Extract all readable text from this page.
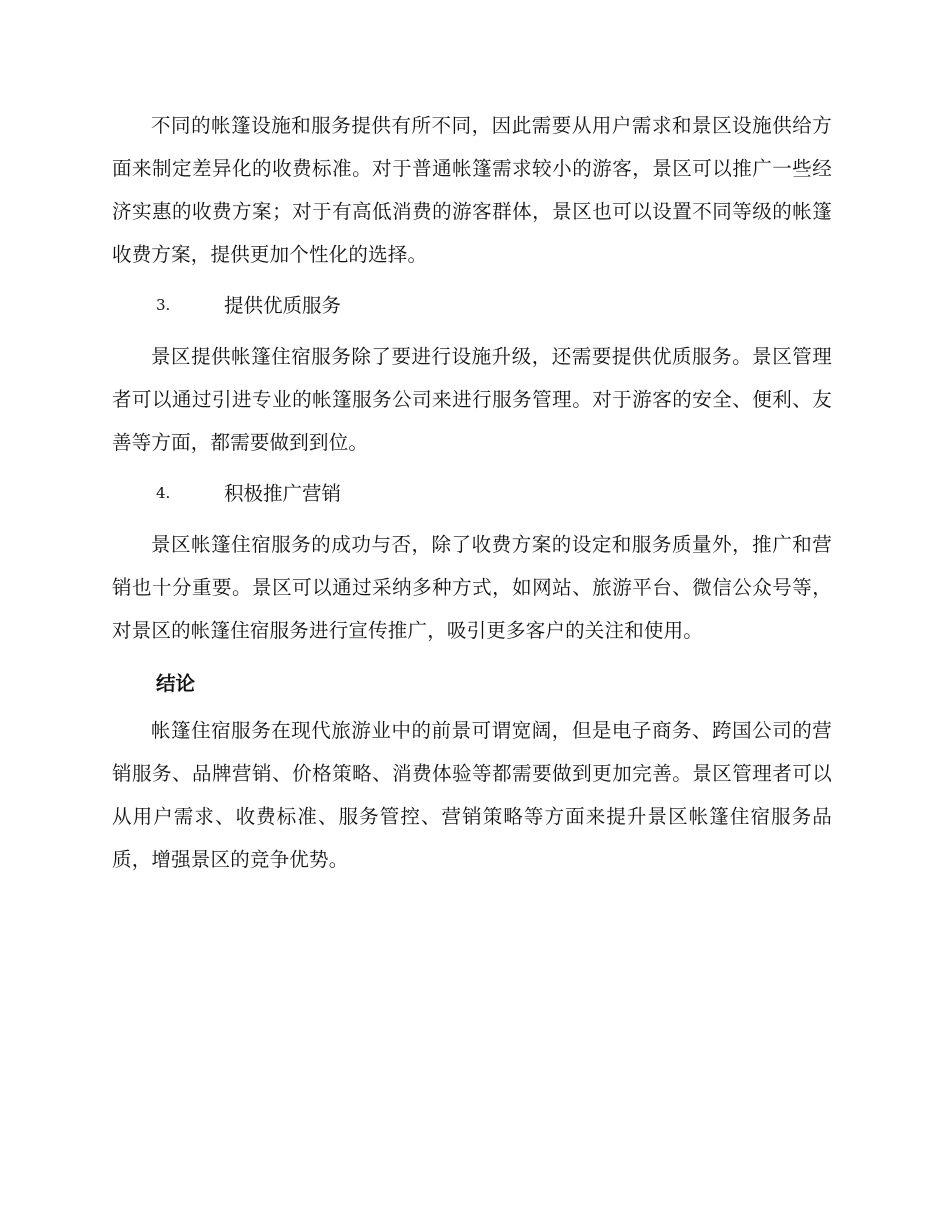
不同的帐篷设施和服务提供有所不同，因此需要从用户需求和景区设施供给方面来制定差异化的收费标准。对于普通帐篷需求较小的游客，景区可以推广一些经济实惠的收费方案；对于有高低消费的游客群体，景区也可以设置不同等级的帐篷收费方案，提供更加个性化的选择。

3.	提供优质服务

景区提供帐篷住宿服务除了要进行设施升级，还需要提供优质服务。景区管理者可以通过引进专业的帐篷服务公司来进行服务管理。对于游客的安全、便利、友善等方面，都需要做到到位。

4.	积极推广营销

景区帐篷住宿服务的成功与否，除了收费方案的设定和服务质量外，推广和营销也十分重要。景区可以通过采纳多种方式，如网站、旅游平台、微信公众号等，对景区的帐篷住宿服务进行宣传推广，吸引更多客户的关注和使用。

结论

帐篷住宿服务在现代旅游业中的前景可谓宽阔，但是电子商务、跨国公司的营销服务、品牌营销、价格策略、消费体验等都需要做到更加完善。景区管理者可以从用户需求、收费标准、服务管控、营销策略等方面来提升景区帐篷住宿服务品质，增强景区的竞争优势。
